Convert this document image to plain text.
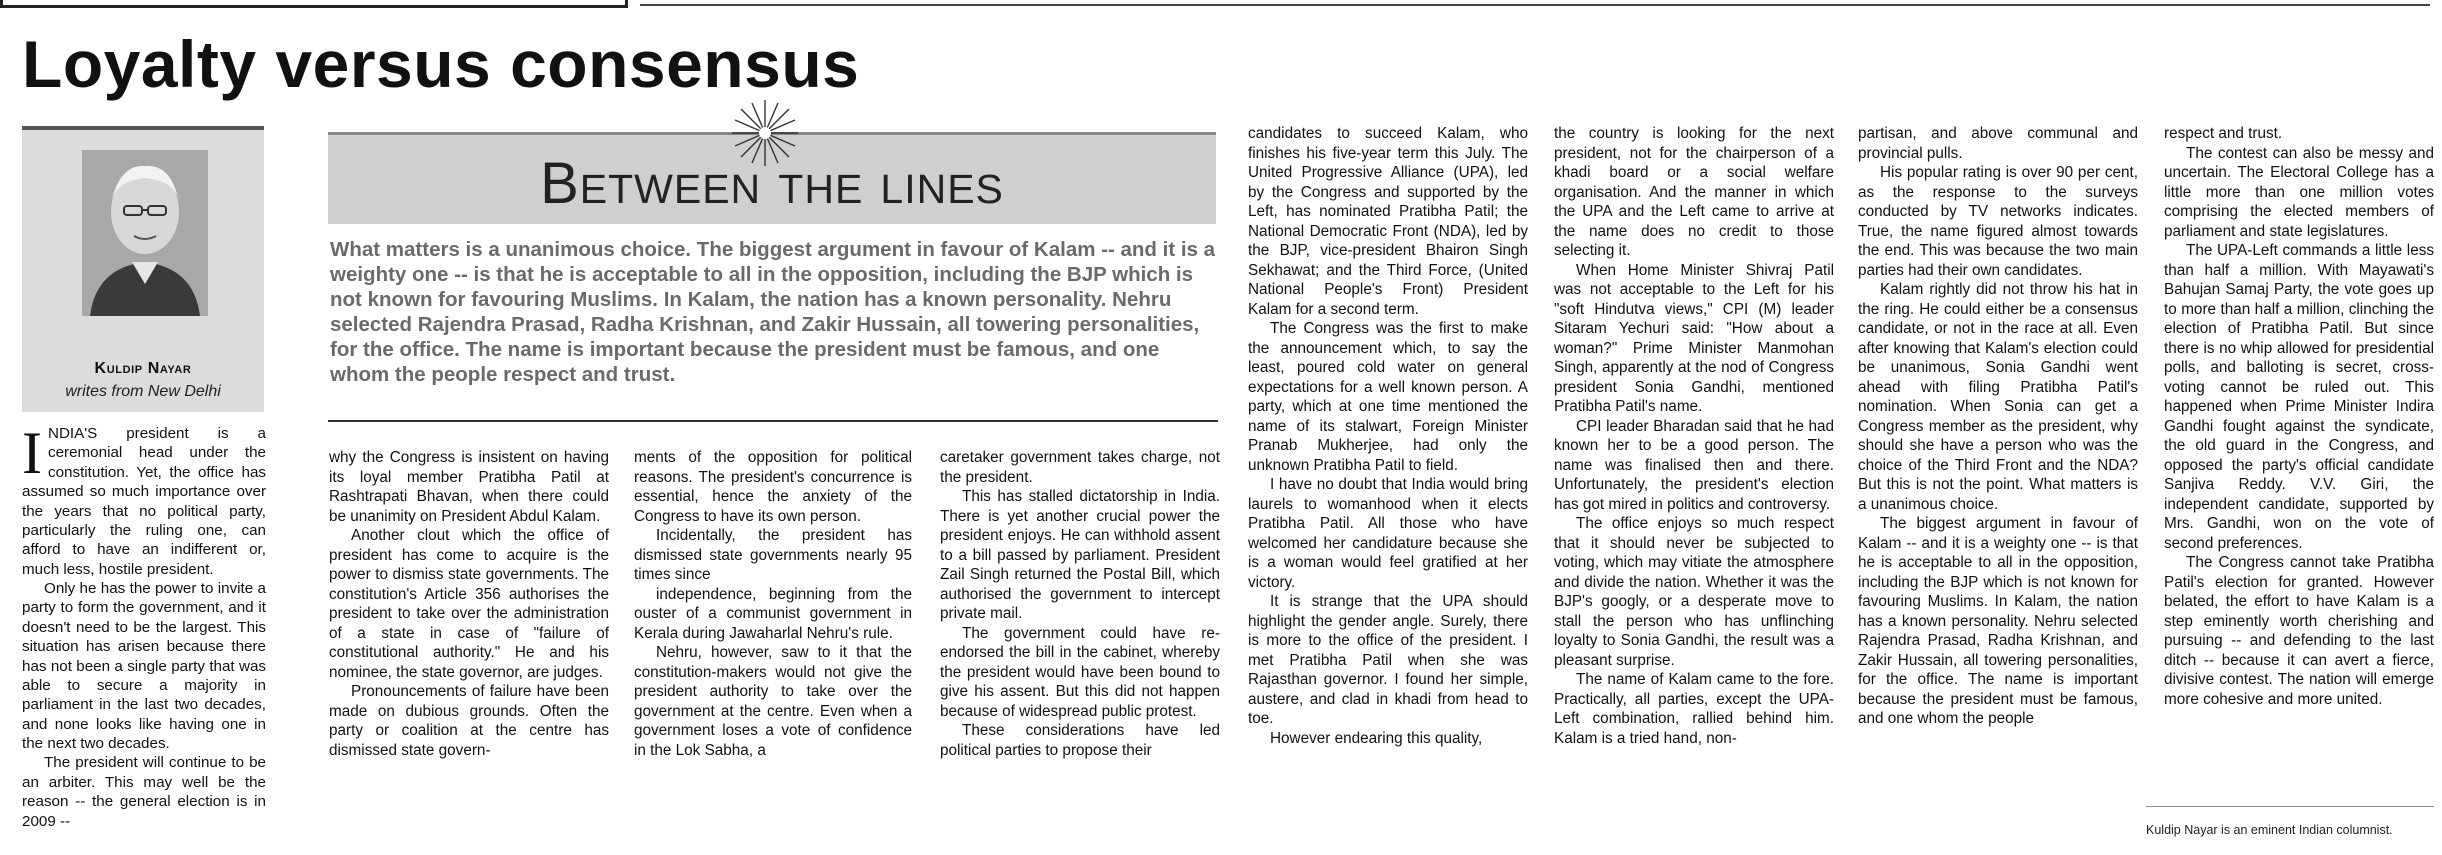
Loyalty versus consensus
Kuldip Nayar
writes from New Delhi
Between the lines
What matters is a unanimous choice. The biggest argument in favour of Kalam -- and it is a weighty one -- is that he is acceptable to all in the opposition, including the BJP which is not known for favouring Muslims. In Kalam, the nation has a known personality. Nehru selected Rajendra Prasad, Radha Krishnan, and Zakir Hussain, all towering personalities, for the office. The name is important because the president must be famous, and one whom the people respect and trust.

INDIA'S president is a ceremonial head under the constitution. Yet, the office has assumed so much importance over the years that no political party, particularly the ruling one, can afford to have an indifferent or, much less, hostile president.

Only he has the power to invite a party to form the government, and it doesn't need to be the largest. This situation has arisen because there has not been a single party that was able to secure a majority in parliament in the last two decades, and none looks like having one in the next two decades.

The president will continue to be an arbiter. This may well be the reason -- the general election is in 2009 --

why the Congress is insistent on having its loyal member Pratibha Patil at Rashtrapati Bhavan, when there could be unanimity on President Abdul Kalam.

Another clout which the office of president has come to acquire is the power to dismiss state governments. The constitution's Article 356 authorises the president to take over the administration of a state in case of "failure of constitutional authority." He and his nominee, the state governor, are judges.

Pronouncements of failure have been made on dubious grounds. Often the party or coalition at the centre has dismissed state govern-

ments of the opposition for political reasons. The president's concurrence is essential, hence the anxiety of the Congress to have its own person.

Incidentally, the president has dismissed state governments nearly 95 times since

independence, beginning from the ouster of a communist government in Kerala during Jawaharlal Nehru's rule.

Nehru, however, saw to it that the constitution-makers would not give the president authority to take over the government at the centre. Even when a government loses a vote of confidence in the Lok Sabha, a

caretaker government takes charge, not the president.

This has stalled dictatorship in India. There is yet another crucial power the president enjoys. He can withhold assent to a bill passed by parliament. President Zail Singh returned the Postal Bill, which authorised the government to intercept private mail.

The government could have re-endorsed the bill in the cabinet, whereby the president would have been bound to give his assent. But this did not happen because of widespread public protest.

These considerations have led political parties to propose their

candidates to succeed Kalam, who finishes his five-year term this July. The United Progressive Alliance (UPA), led by the Congress and supported by the Left, has nominated Pratibha Patil; the National Democratic Front (NDA), led by the BJP, vice-president Bhairon Singh Sekhawat; and the Third Force, (United National People's Front) President Kalam for a second term.

The Congress was the first to make the announcement which, to say the least, poured cold water on general expectations for a well known person. A party, which at one time mentioned the name of its stalwart, Foreign Minister Pranab Mukherjee, had only the unknown Pratibha Patil to field.

I have no doubt that India would bring laurels to womanhood when it elects Pratibha Patil. All those who have welcomed her candidature because she is a woman would feel gratified at her victory.

It is strange that the UPA should highlight the gender angle. Surely, there is more to the office of the president. I met Pratibha Patil when she was Rajasthan governor. I found her simple, austere, and clad in khadi from head to toe.

However endearing this quality,

the country is looking for the next president, not for the chairperson of a khadi board or a social welfare organisation. And the manner in which the UPA and the Left came to arrive at the name does no credit to those selecting it.

When Home Minister Shivraj Patil was not acceptable to the Left for his "soft Hindutva views," CPI (M) leader Sitaram Yechuri said: "How about a woman?" Prime Minister Manmohan Singh, apparently at the nod of Congress president Sonia Gandhi, mentioned Pratibha Patil's name.

CPI leader Bharadan said that he had known her to be a good person. The name was finalised then and there. Unfortunately, the president's election has got mired in politics and controversy.

The office enjoys so much respect that it should never be subjected to voting, which may vitiate the atmosphere and divide the nation. Whether it was the BJP's googly, or a desperate move to stall the person who has unflinching loyalty to Sonia Gandhi, the result was a pleasant surprise.

The name of Kalam came to the fore. Practically, all parties, except the UPA-Left combination, rallied behind him. Kalam is a tried hand, non-

partisan, and above communal and provincial pulls.

His popular rating is over 90 per cent, as the response to the surveys conducted by TV networks indicates. True, the name figured almost towards the end. This was because the two main parties had their own candidates.

Kalam rightly did not throw his hat in the ring. He could either be a consensus candidate, or not in the race at all. Even after knowing that Kalam's election could be unanimous, Sonia Gandhi went ahead with filing Pratibha Patil's nomination. When Sonia can get a Congress member as the president, why should she have a person who was the choice of the Third Front and the NDA? But this is not the point. What matters is a unanimous choice.

The biggest argument in favour of Kalam -- and it is a weighty one -- is that he is acceptable to all in the opposition, including the BJP which is not known for favouring Muslims. In Kalam, the nation has a known personality. Nehru selected Rajendra Prasad, Radha Krishnan, and Zakir Hussain, all towering personalities, for the office. The name is important because the president must be famous, and one whom the people

respect and trust.

The contest can also be messy and uncertain. The Electoral College has a little more than one million votes comprising the elected members of parliament and state legislatures.

The UPA-Left commands a little less than half a million. With Mayawati's Bahujan Samaj Party, the vote goes up to more than half a million, clinching the election of Pratibha Patil. But since there is no whip allowed for presidential polls, and balloting is secret, cross-voting cannot be ruled out. This happened when Prime Minister Indira Gandhi fought against the syndicate, the old guard in the Congress, and opposed the party's official candidate Sanjiva Reddy. V.V. Giri, the independent candidate, supported by Mrs. Gandhi, won on the vote of second preferences.

The Congress cannot take Pratibha Patil's election for granted. However belated, the effort to have Kalam is a step eminently worth cherishing and pursuing -- and defending to the last ditch -- because it can avert a fierce, divisive contest. The nation will emerge more cohesive and more united.

Kuldip Nayar is an eminent Indian columnist.
